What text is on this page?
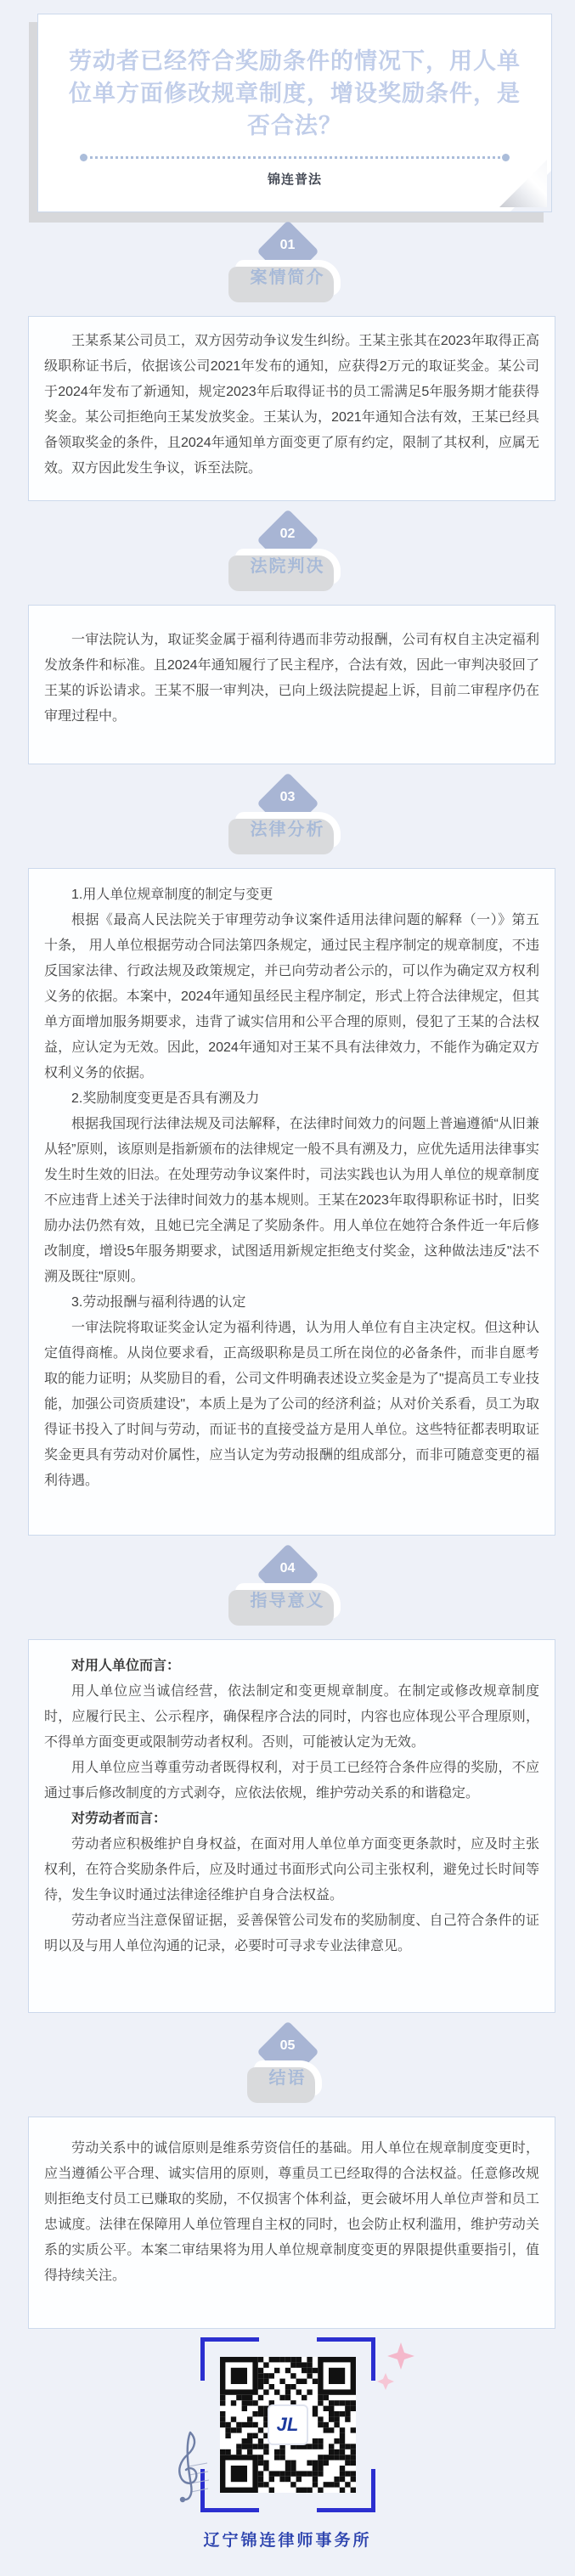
劳动者已经符合奖励条件的情况下，用人单位单方面修改规章制度，增设奖励条件，是否合法？
锦连普法
01
案情简介

王某系某公司员工，双方因劳动争议发生纠纷。王某主张其在2023年取得正高级职称证书后，依据该公司2021年发布的通知，应获得2万元的取证奖金。某公司于2024年发布了新通知，规定2023年后取得证书的员工需满足5年服务期才能获得奖金。某公司拒绝向王某发放奖金。王某认为，2021年通知合法有效，王某已经具备领取奖金的条件，且2024年通知单方面变更了原有约定，限制了其权利，应属无效。双方因此发生争议，诉至法院。

02
法院判决

一审法院认为，取证奖金属于福利待遇而非劳动报酬，公司有权自主决定福利发放条件和标准。且2024年通知履行了民主程序，合法有效，因此一审判决驳回了王某的诉讼请求。王某不服一审判决，已向上级法院提起上诉，目前二审程序仍在审理过程中。

03
法律分析

1.用人单位规章制度的制定与变更

根据《最高人民法院关于审理劳动争议案件适用法律问题的解释（一）》第五十条， 用人单位根据劳动合同法第四条规定，通过民主程序制定的规章制度，不违反国家法律、行政法规及政策规定，并已向劳动者公示的，可以作为确定双方权利义务的依据。本案中，2024年通知虽经民主程序制定，形式上符合法律规定，但其单方面增加服务期要求，违背了诚实信用和公平合理的原则，侵犯了王某的合法权益，应认定为无效。因此，2024年通知对王某不具有法律效力，不能作为确定双方权利义务的依据。

2.奖励制度变更是否具有溯及力

根据我国现行法律法规及司法解释，在法律时间效力的问题上普遍遵循“从旧兼从轻”原则，该原则是指新颁布的法律规定一般不具有溯及力，应优先适用法律事实发生时生效的旧法。在处理劳动争议案件时，司法实践也认为用人单位的规章制度不应违背上述关于法律时间效力的基本规则。王某在2023年取得职称证书时，旧奖励办法仍然有效，且她已完全满足了奖励条件。用人单位在她符合条件近一年后修改制度，增设5年服务期要求，试图适用新规定拒绝支付奖金，这种做法违反"法不溯及既往"原则。

3.劳动报酬与福利待遇的认定

一审法院将取证奖金认定为福利待遇，认为用人单位有自主决定权。但这种认定值得商榷。从岗位要求看，正高级职称是员工所在岗位的必备条件，而非自愿考取的能力证明；从奖励目的看，公司文件明确表述设立奖金是为了"提高员工专业技能，加强公司资质建设"，本质上是为了公司的经济利益；从对价关系看，员工为取得证书投入了时间与劳动，而证书的直接受益方是用人单位。这些特征都表明取证奖金更具有劳动对价属性，应当认定为劳动报酬的组成部分，而非可随意变更的福利待遇。

04
指导意义

对用人单位而言：

用人单位应当诚信经营，依法制定和变更规章制度。在制定或修改规章制度时，应履行民主、公示程序，确保程序合法的同时，内容也应体现公平合理原则，不得单方面变更或限制劳动者权利。否则，可能被认定为无效。

用人单位应当尊重劳动者既得权利，对于员工已经符合条件应得的奖励，不应通过事后修改制度的方式剥夺，应依法依规，维护劳动关系的和谐稳定。

对劳动者而言：

劳动者应积极维护自身权益，在面对用人单位单方面变更条款时，应及时主张权利，在符合奖励条件后，应及时通过书面形式向公司主张权利，避免过长时间等待，发生争议时通过法律途径维护自身合法权益。

劳动者应当注意保留证据，妥善保管公司发布的奖励制度、自己符合条件的证明以及与用人单位沟通的记录，必要时可寻求专业法律意见。

05
结语

劳动关系中的诚信原则是维系劳资信任的基础。用人单位在规章制度变更时，应当遵循公平合理、诚实信用的原则，尊重员工已经取得的合法权益。任意修改规则拒绝支付员工已赚取的奖励，不仅损害个体利益，更会破坏用人单位声誉和员工忠诚度。法律在保障用人单位管理自主权的同时，也会防止权利滥用，维护劳动关系的实质公平。本案二审结果将为用人单位规章制度变更的界限提供重要指引，值得持续关注。

JL
辽宁锦连律师事务所
